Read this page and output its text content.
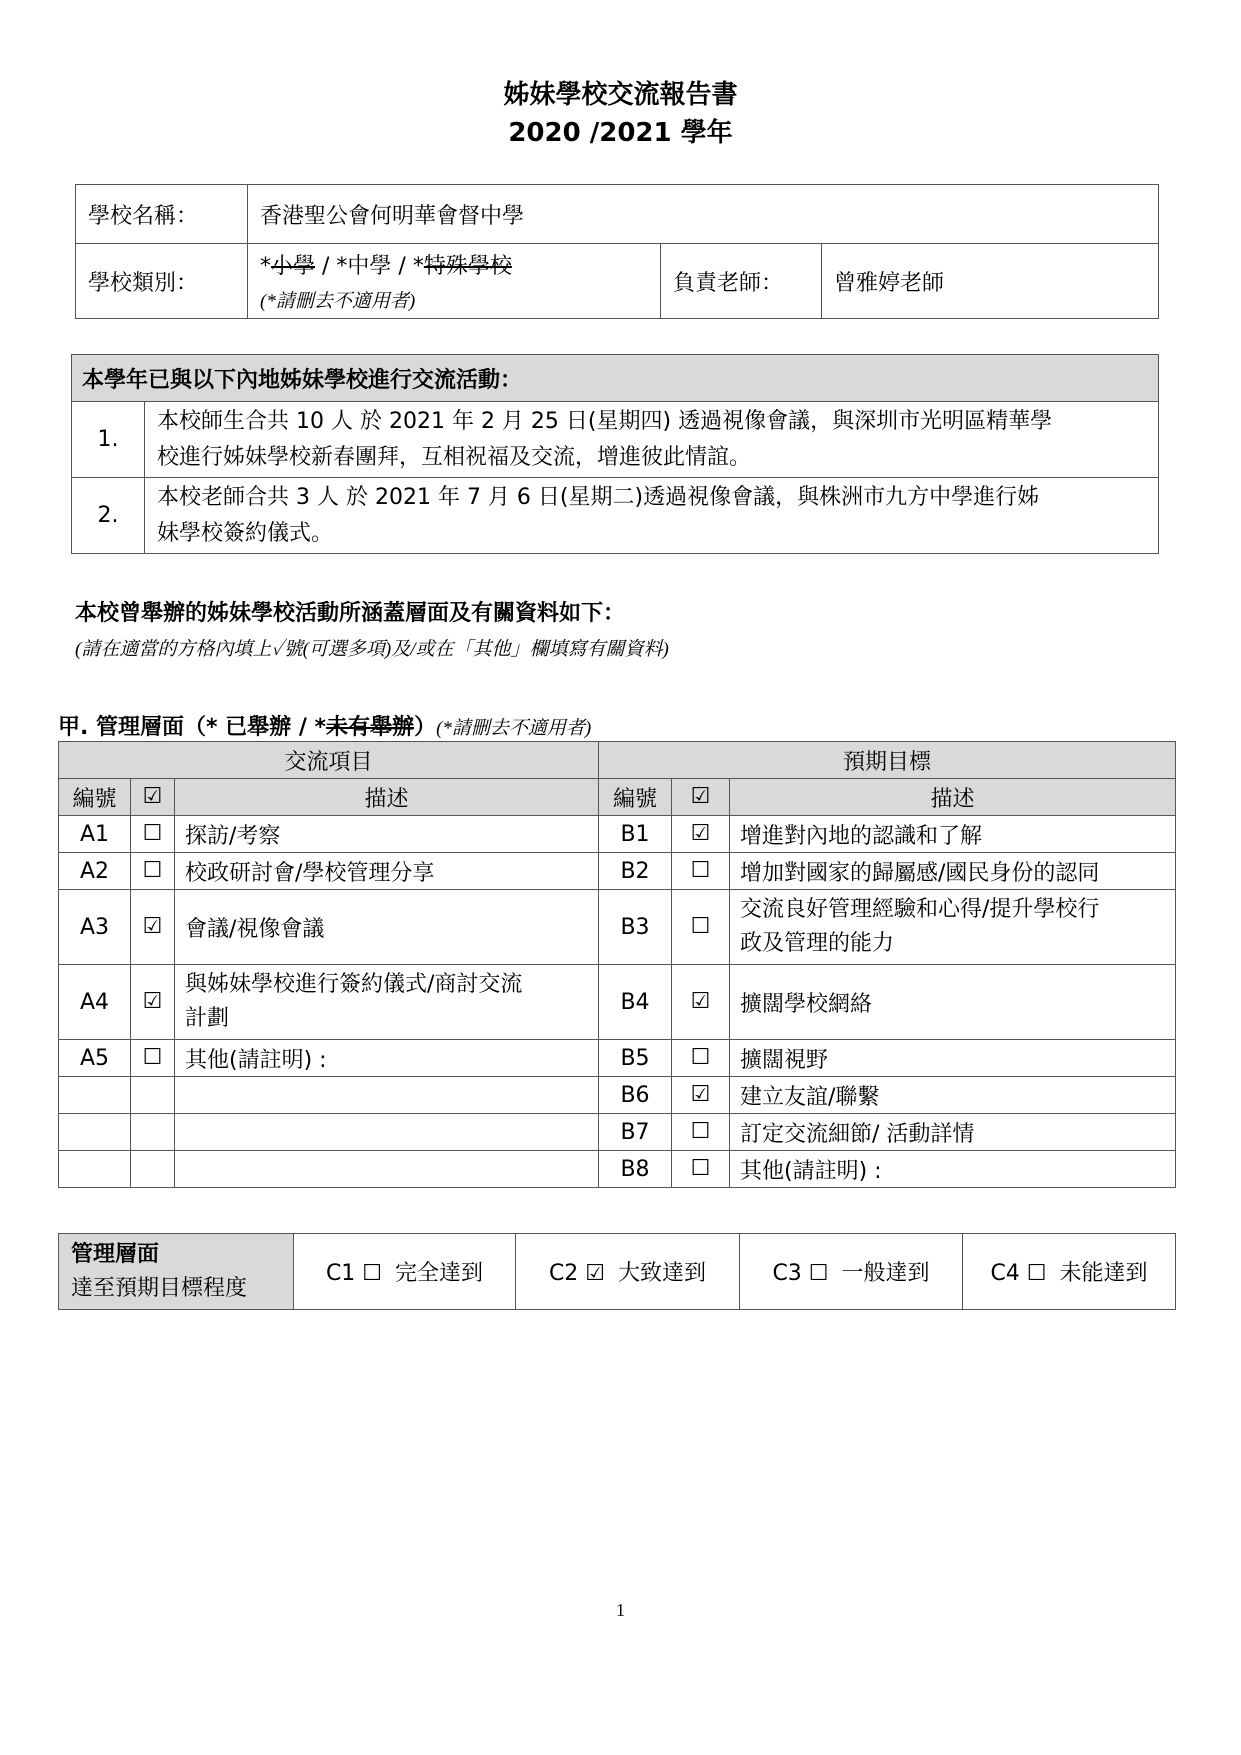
姊妹學校交流報告書
2020 /2021 學年
學校名稱：	香港聖公會何明華會督中學		
學校類別：	*小學 / *中學 / *特殊學校
(*請刪去不適用者)	負責老師：	曾雅婷老師
本學年已與以下內地姊妹學校進行交流活動：	
1.	本校師生合共 10 人 於 2021 年 2 月 25 日(星期四) 透過視像會議，與深圳市光明區精華學
校進行姊妹學校新春團拜，互相祝福及交流，增進彼此情誼。

2.	本校老師合共 3 人 於 2021 年 7 月 6 日(星期二)透過視像會議，與株洲市九方中學進行姊
妹學校簽約儀式。
本校曾舉辦的姊妹學校活動所涵蓋層面及有關資料如下：
(請在適當的方格內填上✓號(可選多項)及/或在「其他」欄填寫有關資料)
甲. 管理層面（* 已舉辦 / *未有舉辦）(*請刪去不適用者)
交流項目			預期目標		
編號	☑	描述	編號	☑	描述
A1	☐	探訪/考察	B1	☑	增進對內地的認識和了解
A2	☐	校政研討會/學校管理分享	B2	☐	增加對國家的歸屬感/國民身份的認同
A3	☑	會議/視像會議	B3	☐	交流良好管理經驗和心得/提升學校行
政及管理的能力

A4	☑	與姊妹學校進行簽約儀式/商討交流
計劃	B4	☑	擴闊學校網絡
A5	☐	其他(請註明) :	B5	☐	擴闊視野
			B6	☑	建立友誼/聯繫
			B7	☐	訂定交流細節/ 活動詳情
			B8	☐	其他(請註明) :
管理層面
達至預期目標程度
	C1 ☐ 完全達到	C2 ☑ 大致達到	C3 ☐ 一般達到	C4 ☐ 未能達到
1
